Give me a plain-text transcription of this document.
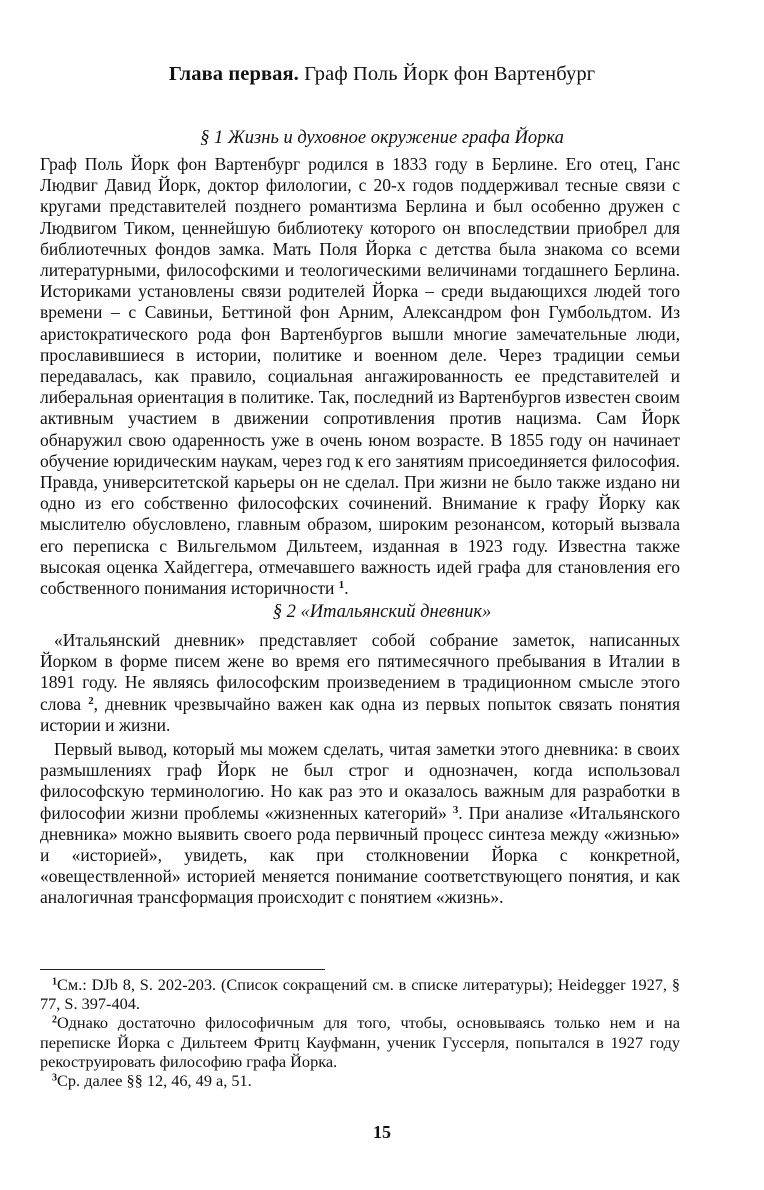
Глава первая. Граф Поль Йорк фон Вартенбург
§ 1 Жизнь и духовное окружение графа Йорка

Граф Поль Йорк фон Вартенбург родился в 1833 году в Берлине. Его отец, Ганс Людвиг Давид Йорк, доктор филологии, с 20-х годов поддерживал тесные связи с кругами представителей позднего романтизма Берлина и был особенно дружен с Людвигом Тиком, ценнейшую библиотеку которого он впоследствии приобрел для библиотечных фондов замка. Мать Поля Йорка с детства была знакома со всеми литературными, философскими и теологическими величинами тогдашнего Берлина. Историками установлены связи родителей Йорка – среди выдающихся людей того времени – с Савиньи, Беттиной фон Арним, Александром фон Гумбольдтом. Из аристократического рода фон Вартенбургов вышли многие замечательные люди, прославившиеся в истории, политике и военном деле. Через традиции семьи передавалась, как правило, социальная ангажированность ее представителей и либеральная ориентация в политике. Так, последний из Вартенбургов известен своим активным участием в движении сопротивления против нацизма. Сам Йорк обнаружил свою одаренность уже в очень юном возрасте. В 1855 году он начинает обучение юридическим наукам, через год к его занятиям присоединяется философия. Правда, университетской карьеры он не сделал. При жизни не было также издано ни одно из его собственно философских сочинений. Внимание к графу Йорку как мыслителю обусловлено, главным образом, широким резонансом, который вызвала его переписка с Вильгельмом Дильтеем, изданная в 1923 году. Известна также высокая оценка Хайдеггера, отмечавшего важность идей графа для становления его собственного понимания историчности $^1$.

§ 2 «Итальянский дневник»

«Итальянский дневник» представляет собой собрание заметок, написанных Йорком в форме писем жене во время его пятимесячного пребывания в Италии в 1891 году. Не являясь философским произведением в традиционном смысле этого слова $^2$, дневник чрезвычайно важен как одна из первых попыток связать понятия истории и жизни.

Первый вывод, который мы можем сделать, читая заметки этого дневника: в своих размышлениях граф Йорк не был строг и однозначен, когда использовал философскую терминологию. Но как раз это и оказалось важным для разработки в философии жизни проблемы «жизненных категорий» $^3$. При анализе «Итальянского дневника» можно выявить своего рода первичный процесс синтеза между «жизнью» и «историей», увидеть, как при столкновении Йорка с конкретной, «овеществленной» историей меняется понимание соответствующего понятия, и как аналогичная трансформация происходит с понятием «жизнь».

$^1$См.: DJb 8, S. 202-203. (Список сокращений см. в списке литературы); Heidegger 1927, § 77, S. 397-404.

$^2$Однако достаточно философичным для того, чтобы, основываясь только нем и на переписке Йорка с Дильтеем Фритц Кауфманн, ученик Гуссерля, попытался в 1927 году рекоструировать философию графа Йорка.

$^3$Ср. далее §§ 12, 46, 49 а, 51.

15
